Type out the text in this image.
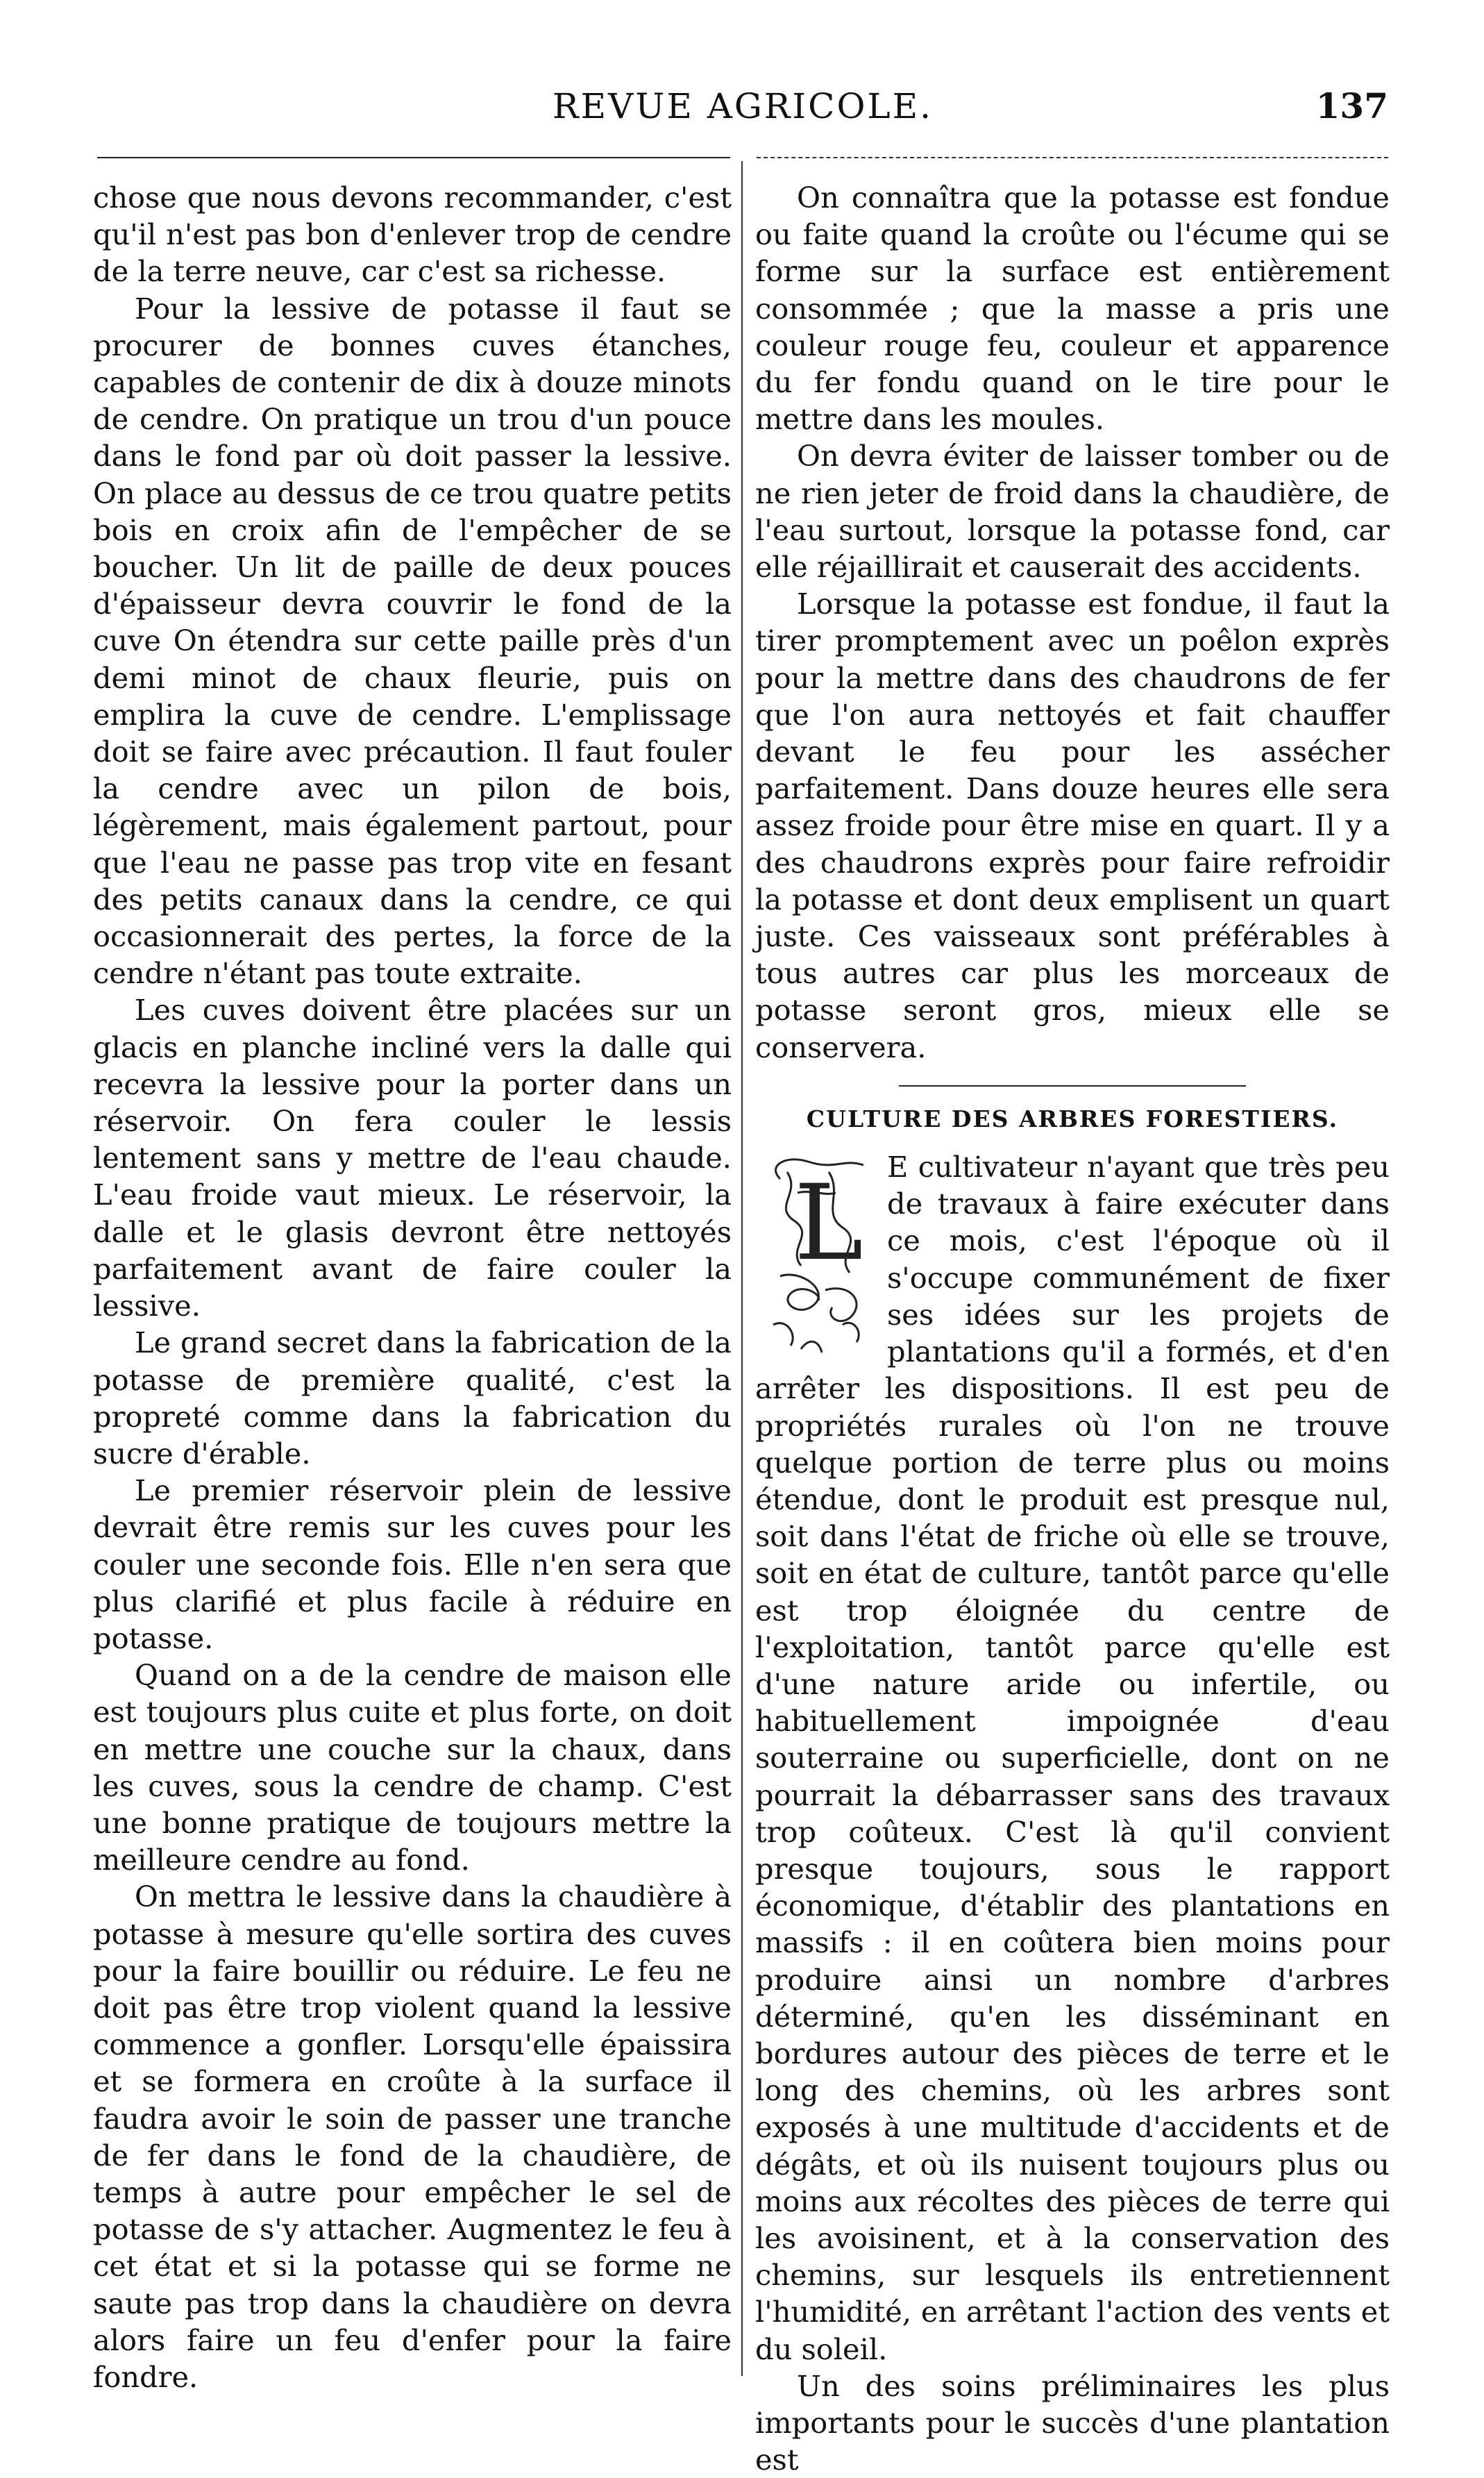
REVUE AGRICOLE.	137

chose que nous devons recommander, c'est qu'il n'est pas bon d'enlever trop de cendre de la terre neuve, car c'est sa richesse.

Pour la lessive de potasse il faut se procurer de bonnes cuves étanches, capables de contenir de dix à douze minots de cendre. On pratique un trou d'un pouce dans le fond par où doit passer la lessive. On place au dessus de ce trou quatre petits bois en croix afin de l'empêcher de se boucher. Un lit de paille de deux pouces d'épaisseur devra couvrir le fond de la cuve On étendra sur cette paille près d'un demi minot de chaux fleurie, puis on emplira la cuve de cendre. L'emplissage doit se faire avec précaution. Il faut fouler la cendre avec un pilon de bois, légèrement, mais également partout, pour que l'eau ne passe pas trop vite en fesant des petits canaux dans la cendre, ce qui occasionnerait des pertes, la force de la cendre n'étant pas toute extraite.

Les cuves doivent être placées sur un glacis en planche incliné vers la dalle qui recevra la lessive pour la porter dans un réservoir. On fera couler le lessis lentement sans y mettre de l'eau chaude. L'eau froide vaut mieux. Le réservoir, la dalle et le glasis devront être nettoyés parfaitement avant de faire couler la lessive.

Le grand secret dans la fabrication de la potasse de première qualité, c'est la propreté comme dans la fabrication du sucre d'érable.

Le premier réservoir plein de lessive devrait être remis sur les cuves pour les couler une seconde fois. Elle n'en sera que plus clarifié et plus facile à réduire en potasse.

Quand on a de la cendre de maison elle est toujours plus cuite et plus forte, on doit en mettre une couche sur la chaux, dans les cuves, sous la cendre de champ. C'est une bonne pratique de toujours mettre la meilleure cendre au fond.

On mettra le lessive dans la chaudière à potasse à mesure qu'elle sortira des cuves pour la faire bouillir ou réduire. Le feu ne doit pas être trop violent quand la lessive commence a gonfler. Lorsqu'elle épaissira et se formera en croûte à la surface il faudra avoir le soin de passer une tranche de fer dans le fond de la chaudière, de temps à autre pour empêcher le sel de potasse de s'y attacher. Augmentez le feu à cet état et si la potasse qui se forme ne saute pas trop dans la chaudière on devra alors faire un feu d'enfer pour la faire fondre.

On connaîtra que la potasse est fondue ou faite quand la croûte ou l'écume qui se forme sur la surface est entièrement consommée ; que la masse a pris une couleur rouge feu, couleur et apparence du fer fondu quand on le tire pour le mettre dans les moules.

On devra éviter de laisser tomber ou de ne rien jeter de froid dans la chaudière, de l'eau surtout, lorsque la potasse fond, car elle réjaillirait et causerait des accidents.

Lorsque la potasse est fondue, il faut la tirer promptement avec un poêlon exprès pour la mettre dans des chaudrons de fer que l'on aura nettoyés et fait chauffer devant le feu pour les assécher parfaitement. Dans douze heures elle sera assez froide pour être mise en quart. Il y a des chaudrons exprès pour faire refroidir la potasse et dont deux emplisent un quart juste. Ces vaisseaux sont préférables à tous autres car plus les morceaux de potasse seront gros, mieux elle se conservera.

CULTURE DES ARBRES FORESTIERS.
L E cultivateur n'ayant que très peu de travaux à faire exécuter dans ce mois, c'est l'époque où il s'occupe communément de fixer ses idées sur les projets de plantations qu'il a formés, et d'en arrêter les dispositions. Il est peu de propriétés rurales où l'on ne trouve quelque portion de terre plus ou moins étendue, dont le produit est presque nul, soit dans l'état de friche où elle se trouve, soit en état de culture, tantôt parce qu'elle est trop éloignée du centre de l'exploitation, tantôt parce qu'elle est d'une nature aride ou infertile, ou habituellement impoignée d'eau souterraine ou superficielle, dont on ne pourrait la débarrasser sans des travaux trop coûteux. C'est là qu'il convient presque toujours, sous le rapport économique, d'établir des plantations en massifs : il en coûtera bien moins pour produire ainsi un nombre d'arbres déterminé, qu'en les disséminant en bordures autour des pièces de terre et le long des chemins, où les arbres sont exposés à une multitude d'accidents et de dégâts, et où ils nuisent toujours plus ou moins aux récoltes des pièces de terre qui les avoisinent, et à la conservation des chemins, sur lesquels ils entretiennent l'humidité, en arrêtant l'action des vents et du soleil.

Un des soins préliminaires les plus importants pour le succès d'une plantation est
